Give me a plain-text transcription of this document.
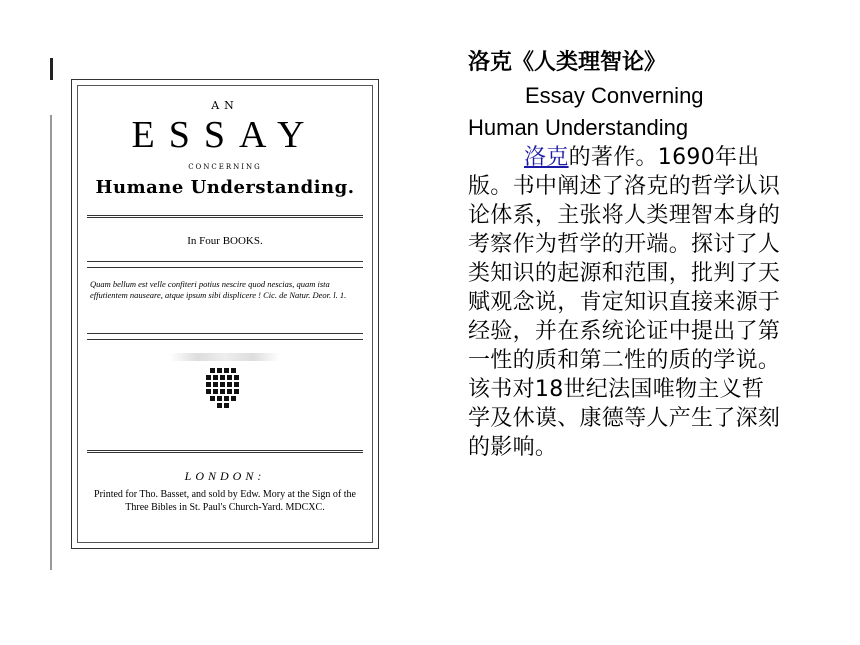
AN
ESSAY
CONCERNING
Humane Understanding.
In Four BOOKS.
Quam bellum est velle confiteri potius nescire quod nescias, quam ista effutientem nauseare, atque ipsum sibi displicere ! Cic. de Natur. Deor. l. 1.
LONDON:
Printed for Tho. Basset, and sold by Edw. Mory at the Sign of the Three Bibles in St. Paul's Church-Yard. MDCXC.
洛克《人类理智论》
Essay Converning
Human Understanding

洛克的著作。1690年出版。书中阐述了洛克的哲学认识论体系，主张将人类理智本身的考察作为哲学的开端。探讨了人类知识的起源和范围，批判了天赋观念说，肯定知识直接来源于经验，并在系统论证中提出了第一性的质和第二性的质的学说。该书对18世纪法国唯物主义哲学及休谟、康德等人产生了深刻的影响。
